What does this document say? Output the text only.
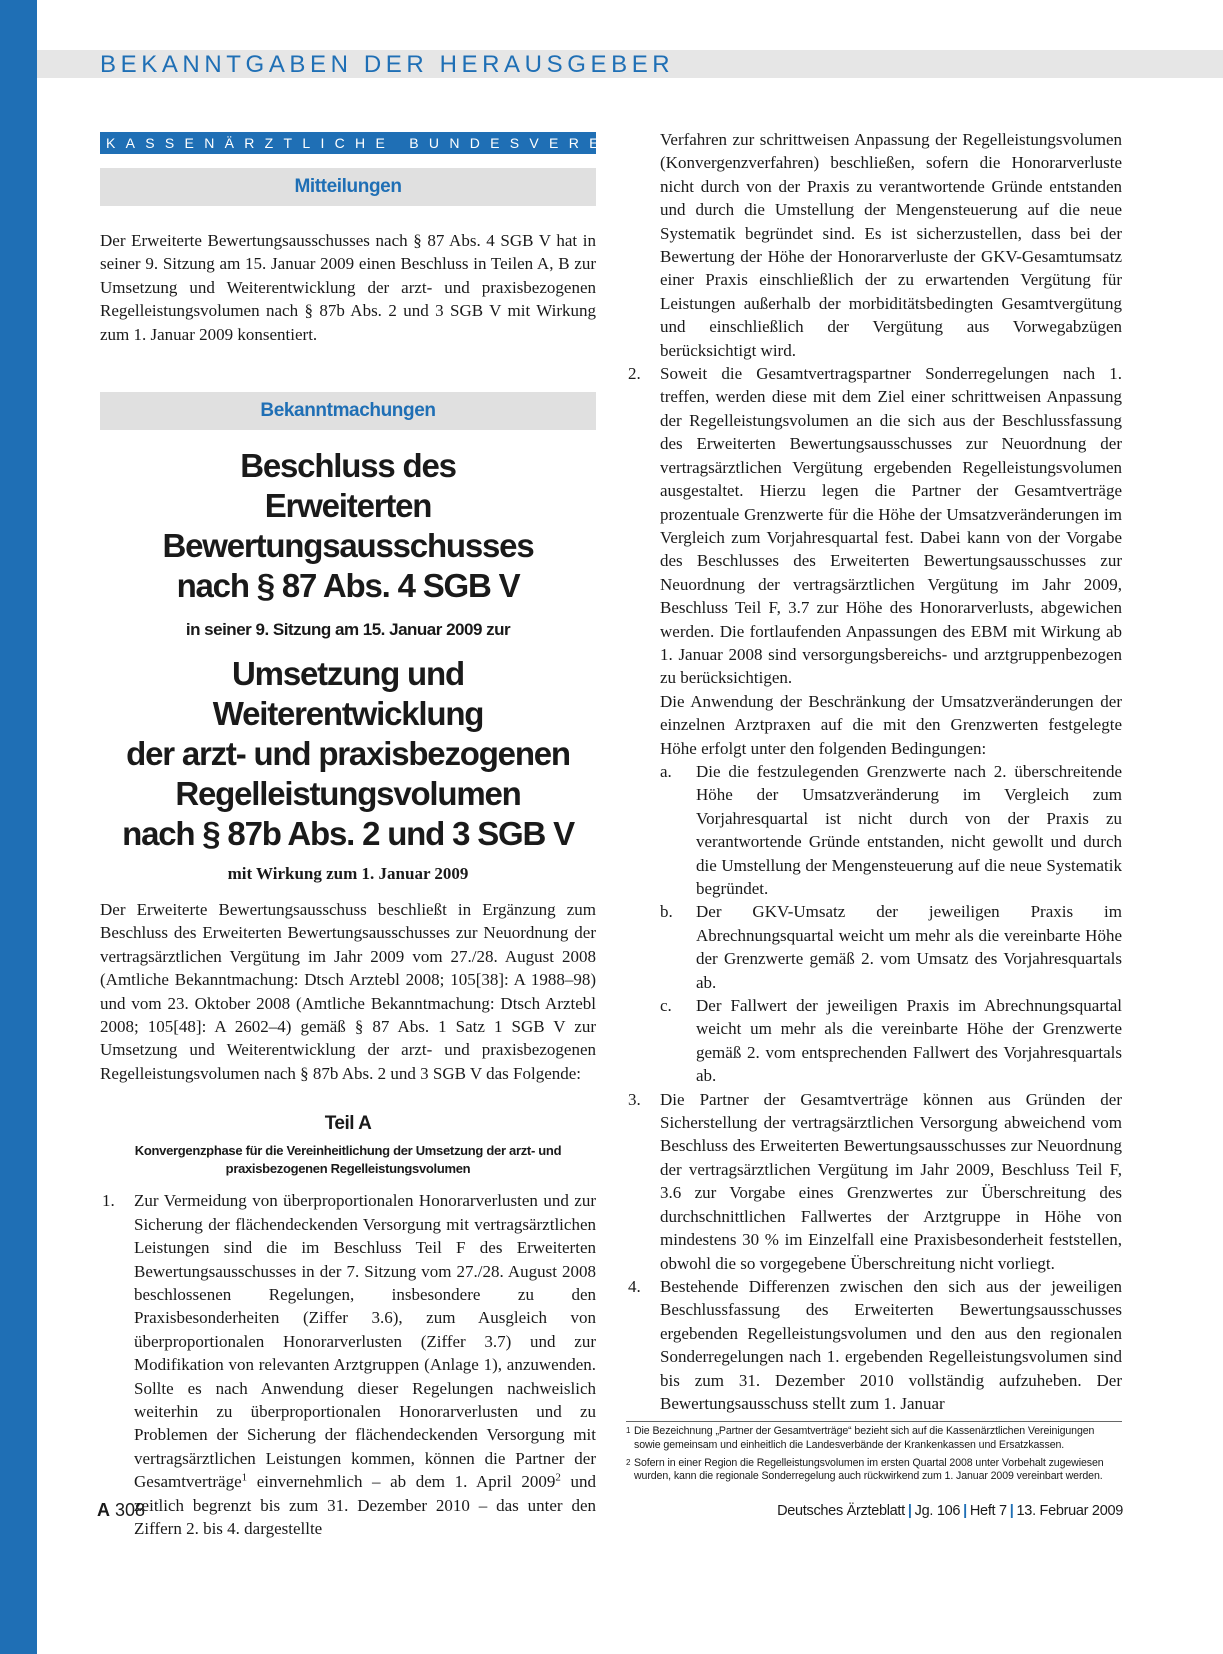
BEKANNTGABEN DER HERAUSGEBER
KASSENÄRZTLICHE BUNDESVEREINIGUNG
Mitteilungen

Der Erweiterte Bewertungsausschusses nach § 87 Abs. 4 SGB V hat in seiner 9. Sitzung am 15. Januar 2009 einen Beschluss in Teilen A, B zur Umsetzung und Weiterentwicklung der arzt- und praxisbezogenen Regelleistungsvolumen nach § 87b Abs. 2 und 3 SGB V mit Wirkung zum 1. Januar 2009 konsentiert.

Bekanntmachungen
Beschluss des
Erweiterten Bewertungsausschusses
nach § 87 Abs. 4 SGB V
in seiner 9. Sitzung am 15. Januar 2009 zur
Umsetzung und Weiterentwicklung
der arzt- und praxisbezogenen
Regelleistungsvolumen
nach § 87b Abs. 2 und 3 SGB V
mit Wirkung zum 1. Januar 2009

Der Erweiterte Bewertungsausschuss beschließt in Ergänzung zum Beschluss des Erweiterten Bewertungsausschusses zur Neuordnung der vertragsärztlichen Vergütung im Jahr 2009 vom 27./28. August 2008 (Amtliche Bekanntmachung: Dtsch Arztebl 2008; 105[38]: A 1988–98) und vom 23. Oktober 2008 (Amtliche Bekanntmachung: Dtsch Arztebl 2008; 105[48]: A 2602–4) gemäß § 87 Abs. 1 Satz 1 SGB V zur Umsetzung und Weiterentwicklung der arzt- und praxisbezogenen Regelleistungsvolumen nach § 87b Abs. 2 und 3 SGB V das Folgende:

Teil A
Konvergenzphase für die Vereinheitlichung der Umsetzung der arzt- und praxisbezogenen Regelleistungsvolumen
1.	Zur Vermeidung von überproportionalen Honorarverlusten und zur Sicherung der flächendeckenden Versorgung mit vertragsärztlichen Leistungen sind die im Beschluss Teil F des Erweiterten Bewertungsausschusses in der 7. Sitzung vom 27./28. August 2008 beschlossenen Regelungen, insbesondere zu den Praxisbesonderheiten (Ziffer 3.6), zum Ausgleich von überproportionalen Honorarverlusten (Ziffer 3.7) und zur Modifikation von relevanten Arztgruppen (Anlage 1), anzuwenden. Sollte es nach Anwendung dieser Regelungen nachweislich weiterhin zu überproportionalen Honorarverlusten und zu Problemen der Sicherung der flächendeckenden Versorgung mit vertragsärztlichen Leistungen kommen, können die Partner der Gesamtverträge$^1$ einvernehmlich – ab dem 1. April 2009$^2$ und zeitlich begrenzt bis zum 31. Dezember 2010 – das unter den Ziffern 2. bis 4. dargestellte
Verfahren zur schrittweisen Anpassung der Regelleistungsvolumen (Konvergenzverfahren) beschließen, sofern die Honorarverluste nicht durch von der Praxis zu verantwortende Gründe entstanden und durch die Umstellung der Mengensteuerung auf die neue Systematik begründet sind. Es ist sicherzustellen, dass bei der Bewertung der Höhe der Honorarverluste der GKV-Gesamtumsatz einer Praxis einschließlich der zu erwartenden Vergütung für Leistungen außerhalb der morbiditätsbedingten Gesamtvergütung und einschließlich der Vergütung aus Vorwegabzügen berücksichtigt wird.
2.	Soweit die Gesamtvertragspartner Sonderregelungen nach 1. treffen, werden diese mit dem Ziel einer schrittweisen Anpassung der Regelleistungsvolumen an die sich aus der Beschlussfassung des Erweiterten Bewertungsausschusses zur Neuordnung der vertragsärztlichen Vergütung ergebenden Regelleistungsvolumen ausgestaltet. Hierzu legen die Partner der Gesamtverträge prozentuale Grenzwerte für die Höhe der Umsatzveränderungen im Vergleich zum Vorjahresquartal fest. Dabei kann von der Vorgabe des Beschlusses des Erweiterten Bewertungsausschusses zur Neuordnung der vertragsärztlichen Vergütung im Jahr 2009, Beschluss Teil F, 3.7 zur Höhe des Honorarverlusts, abgewichen werden. Die fortlaufenden Anpassungen des EBM mit Wirkung ab 1. Januar 2008 sind versorgungsbereichs- und arztgruppenbezogen zu berücksichtigen.
Die Anwendung der Beschränkung der Umsatzveränderungen der einzelnen Arztpraxen auf die mit den Grenzwerten festgelegte Höhe erfolgt unter den folgenden Bedingungen:
a.	Die die festzulegenden Grenzwerte nach 2. überschreitende Höhe der Umsatzveränderung im Vergleich zum Vorjahresquartal ist nicht durch von der Praxis zu verantwortende Gründe entstanden, nicht gewollt und durch die Umstellung der Mengensteuerung auf die neue Systematik begründet.
b.	Der GKV-Umsatz der jeweiligen Praxis im Abrechnungsquartal weicht um mehr als die vereinbarte Höhe der Grenzwerte gemäß 2. vom Umsatz des Vorjahresquartals ab.
c.	Der Fallwert der jeweiligen Praxis im Abrechnungsquartal weicht um mehr als die vereinbarte Höhe der Grenzwerte gemäß 2. vom entsprechenden Fallwert des Vorjahresquartals ab.
3.	Die Partner der Gesamtverträge können aus Gründen der Sicherstellung der vertragsärztlichen Versorgung abweichend vom Beschluss des Erweiterten Bewertungsausschusses zur Neuordnung der vertragsärztlichen Vergütung im Jahr 2009, Beschluss Teil F, 3.6 zur Vorgabe eines Grenzwertes zur Überschreitung des durchschnittlichen Fallwertes der Arztgruppe in Höhe von mindestens 30 % im Einzelfall eine Praxisbesonderheit feststellen, obwohl die so vorgegebene Überschreitung nicht vorliegt.
4.	Bestehende Differenzen zwischen den sich aus der jeweiligen Beschlussfassung des Erweiterten Bewertungsausschusses ergebenden Regelleistungsvolumen und den aus den regionalen Sonderregelungen nach 1. ergebenden Regelleistungsvolumen sind bis zum 31. Dezember 2010 vollständig aufzuheben. Der Bewertungsausschuss stellt zum 1. Januar
1 Die Bezeichnung „Partner der Gesamtverträge“ bezieht sich auf die Kassenärztlichen Vereinigungen sowie gemeinsam und einheitlich die Landesverbände der Krankenkassen und Ersatzkassen.
2 Sofern in einer Region die Regelleistungsvolumen im ersten Quartal 2008 unter Vorbehalt zugewiesen wurden, kann die regionale Sonderregelung auch rückwirkend zum 1. Januar 2009 vereinbart werden.
A 308	Deutsches Ärzteblatt | Jg. 106 | Heft 7 | 13. Februar 2009
